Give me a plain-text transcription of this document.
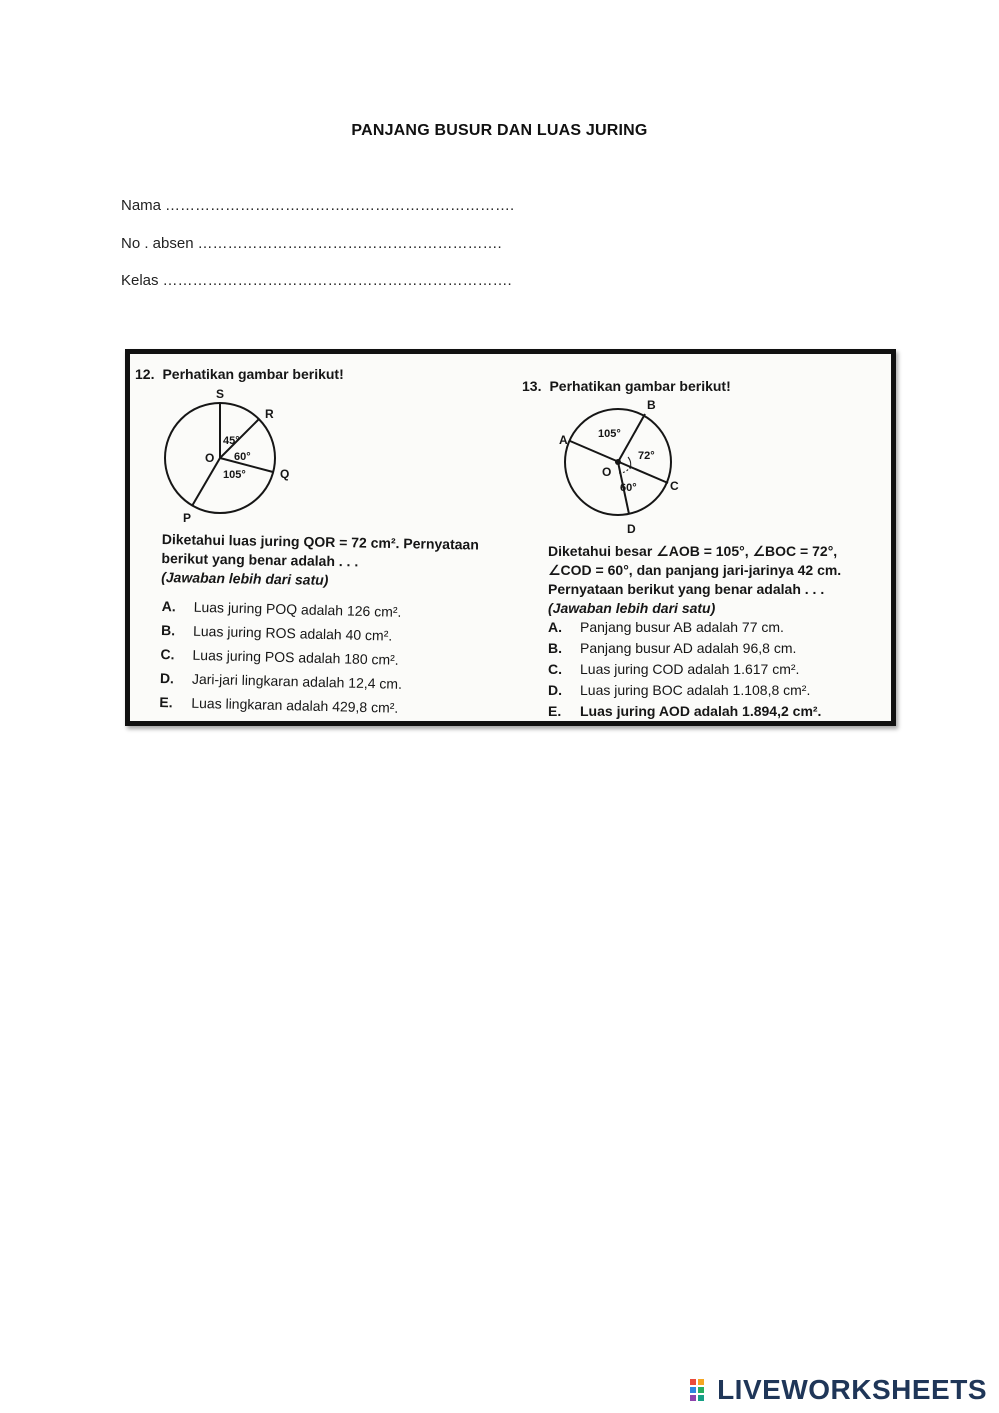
PANJANG BUSUR DAN LUAS JURING
Nama …………………………………………………………….
No . absen …………………………………………………….
Kelas …………………………………………………………….
12. Perhatikan gambar berikut!
S
R
O
Q
P
45°
60°
105°
Diketahui luas juring QOR = 72 cm². Pernyataan berikut yang benar adalah . . .
(Jawaban lebih dari satu)
A.	Luas juring POQ adalah 126 cm².
B.	Luas juring ROS adalah 40 cm².
C.	Luas juring POS adalah 180 cm².
D.	Jari-jari lingkaran adalah 12,4 cm.
E.	Luas lingkaran adalah 429,8 cm².
13. Perhatikan gambar berikut!
B
A
C
D
O
105°
72°
60°
Diketahui besar ∠AOB = 105°, ∠BOC = 72°, ∠COD = 60°, dan panjang jari-jarinya 42 cm. Pernyataan berikut yang benar adalah . . .
(Jawaban lebih dari satu)
A.	Panjang busur AB adalah 77 cm.
B.	Panjang busur AD adalah 96,8 cm.
C.	Luas juring COD adalah 1.617 cm².
D.	Luas juring BOC adalah 1.108,8 cm².
E.	Luas juring AOD adalah 1.894,2 cm².
LIVEWORKSHEETS
